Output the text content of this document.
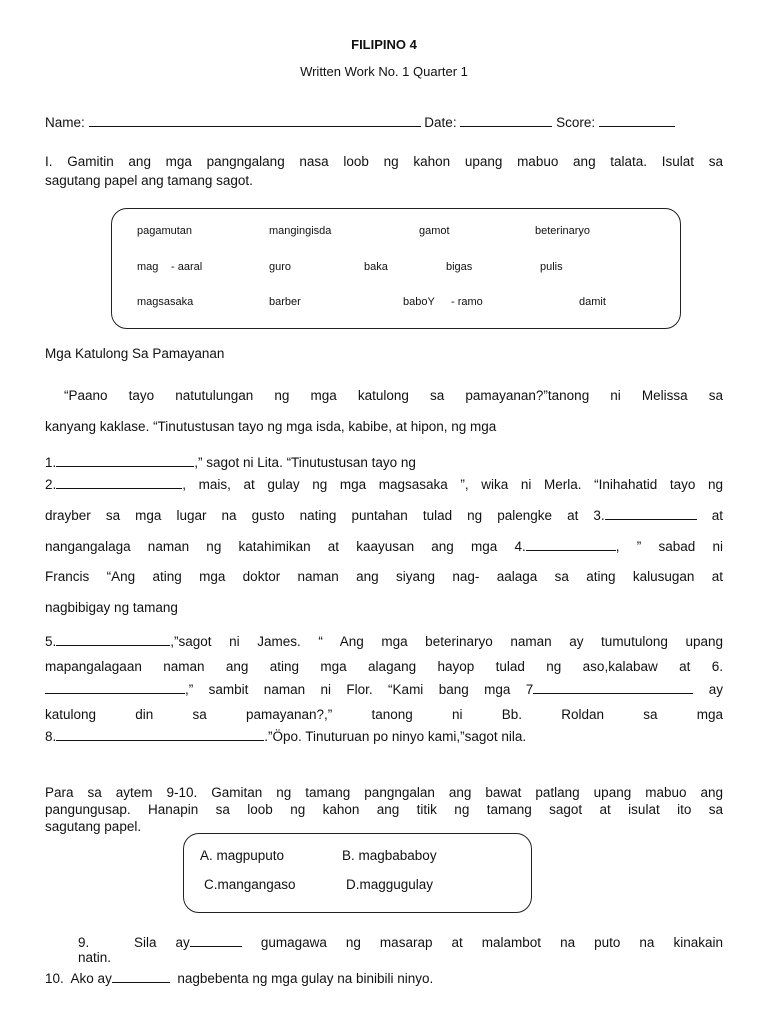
FILIPINO 4
Written Work No. 1 Quarter 1
Name:	Date:	Score:
I. Gamitin ang mga pangngalang nasa loob ng kahon upang mabuo ang talata. Isulat sa
sagutang papel ang tamang sagot.
pagamutan	mangingisda	gamot	beterinaryo
mag - aaral	guro	baka	bigas	pulis
magsasaka	barber	baboY - ramo	damit
Mga Katulong Sa Pamayanan
“Paano tayo natutulungan ng mga katulong sa pamayanan?”tanong ni Melissa sa
kanyang kaklase. “Tinutustusan tayo ng mga isda, kabibe, at hipon, ng mga
1.	,” sagot ni Lita. “Tinutustusan tayo ng
2.	, mais, at gulay ng mga magsasaka ”, wika ni Merla. “Inihahatid tayo ng
drayber sa mga lugar na gusto nating puntahan tulad ng palengke at 3.	at
nangangalaga naman ng katahimikan at kaayusan ang mga 4.	, ” sabad ni
Francis “Ang ating mga doktor naman ang siyang nag- aalaga sa ating kalusugan at
nagbibigay ng tamang
5.	,”sagot ni James. “ Ang mga beterinaryo naman ay tumutulong upang
mapangalagaan naman ang ating mga alagang hayop tulad ng aso,kalabaw at 6.
,” sambit naman ni Flor. “Kami bang mga 7	ay
katulong din sa pamayanan?,” tanong ni Bb. Roldan sa mga
8.	.”Öpo. Tinuturuan po ninyo kami,”sagot nila.
Para sa aytem 9-10. Gamitan ng tamang pangngalan ang bawat patlang upang mabuo ang
pangungusap. Hanapin sa loob ng kahon ang titik ng tamang sagot at isulat ito sa
sagutang papel.
A. magpuputo	B. magbababoy
C.mangangaso	D.maggugulay
9.	Sila ay	gumagawa ng masarap at malambot na puto na kinakain
natin.
10. Ako ay	nagbebenta ng mga gulay na binibili ninyo.
